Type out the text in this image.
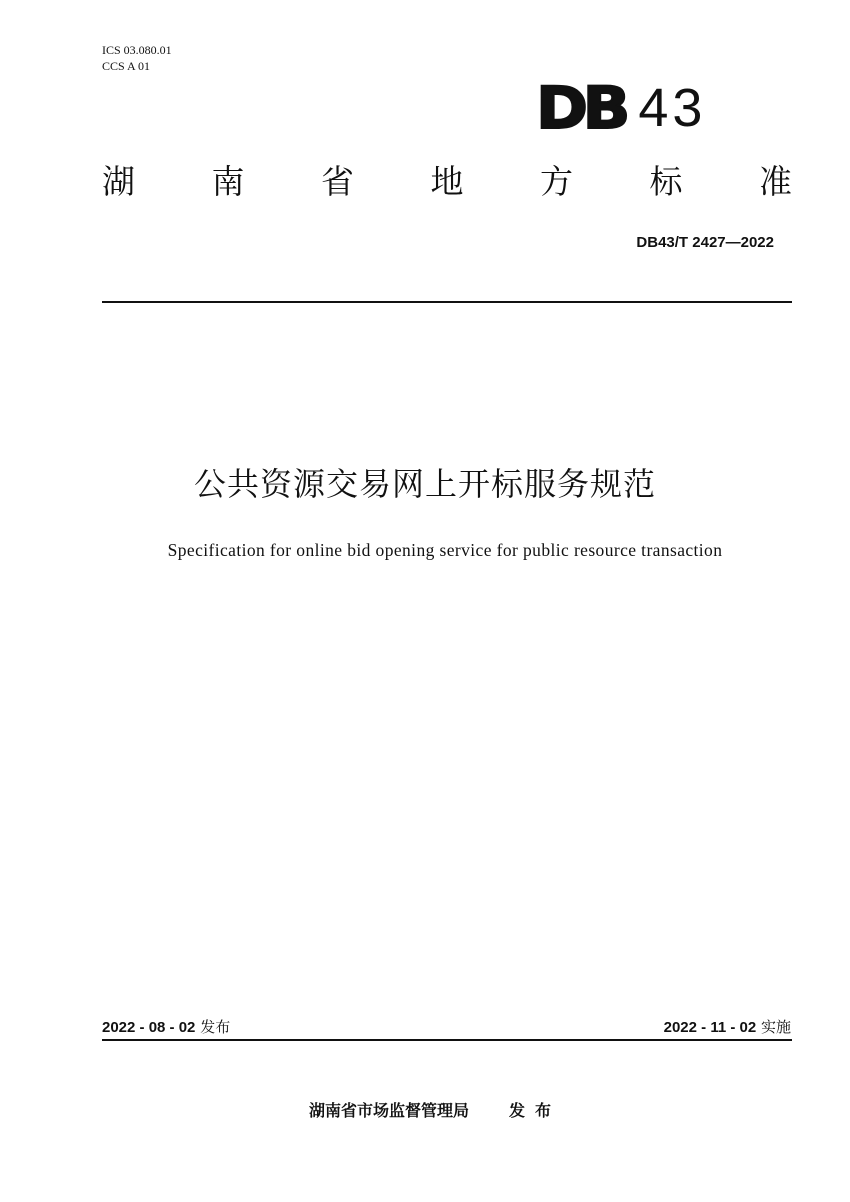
ICS 03.080.01
CCS A 01
DB 43
湖 南 省 地 方 标 准
DB43/T 2427—2022
公共资源交易网上开标服务规范
Specification for online bid opening service for public resource transaction
2022 - 08 - 02 发布	2022 - 11 - 02 实施
湖南省市场监督管理局	发布
